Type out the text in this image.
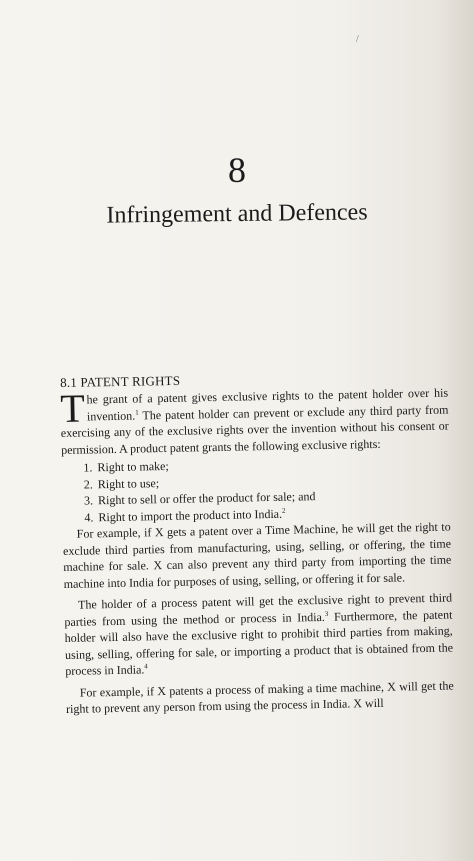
/
8
Infringement and Defences
8.1 PATENT RIGHTS

The grant of a patent gives exclusive rights to the patent holder over his invention.$^1$ The patent holder can prevent or exclude any third party from exercising any of the exclusive rights over the invention without his consent or permission. A product patent grants the following exclusive rights:

1. Right to make;
2. Right to use;
3. Right to sell or offer the product for sale; and
4. Right to import the product into India.$^2$

For example, if X gets a patent over a Time Machine, he will get the right to exclude third parties from manufacturing, using, selling, or offering, the time machine for sale. X can also prevent any third party from importing the time machine into India for purposes of using, selling, or offering it for sale.

The holder of a process patent will get the exclusive right to prevent third parties from using the method or process in India.$^3$ Furthermore, the patent holder will also have the exclusive right to prohibit third parties from making, using, selling, offering for sale, or importing a product that is obtained from the process in India.$^4$

For example, if X patents a process of making a time machine, X will get the right to prevent any person from using the process in India. X will
